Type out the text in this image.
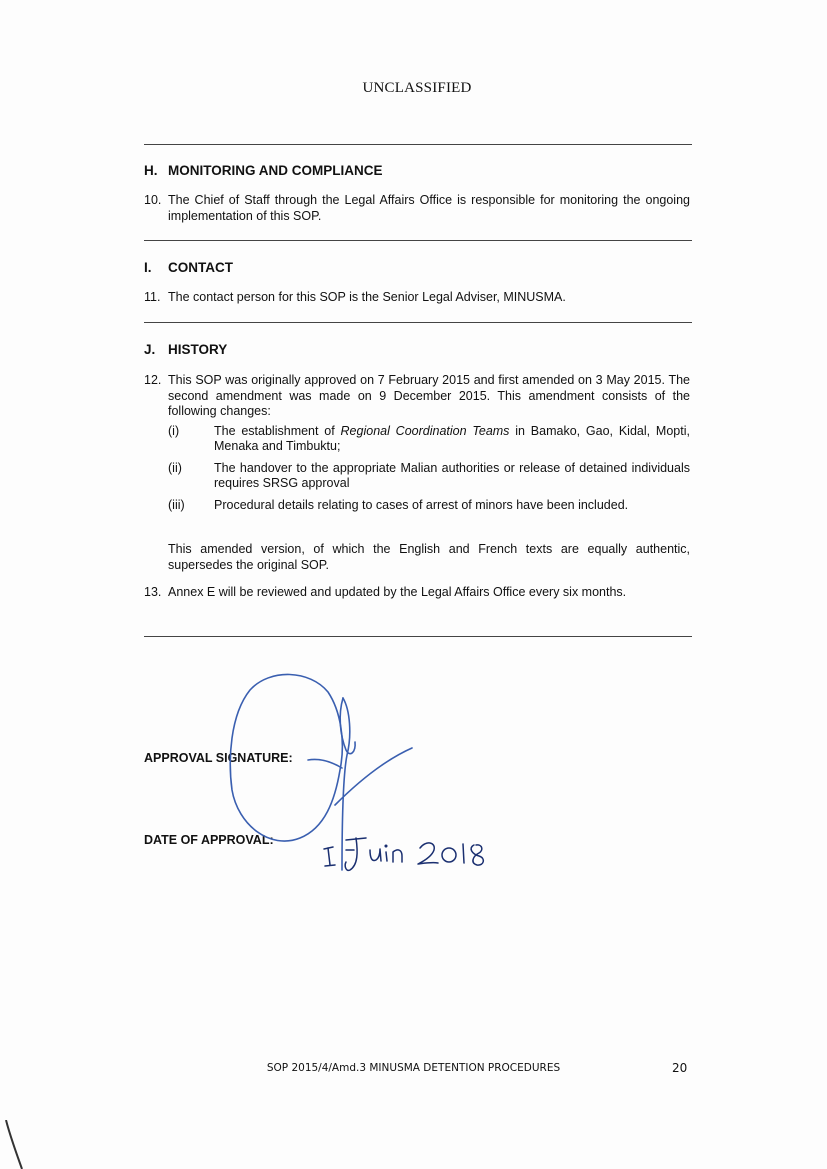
UNCLASSIFIED
H. MONITORING AND COMPLIANCE
10. The Chief of Staff through the Legal Affairs Office is responsible for monitoring the ongoing implementation of this SOP.
I.	CONTACT
11. The contact person for this SOP is the Senior Legal Adviser, MINUSMA.
J. HISTORY
12. This SOP was originally approved on 7 February 2015 and first amended on 3 May 2015. The second amendment was made on 9 December 2015. This amendment consists of the following changes:
(i)	The establishment of Regional Coordination Teams in Bamako, Gao, Kidal, Mopti, Menaka and Timbuktu;
(ii)	The handover to the appropriate Malian authorities or release of detained individuals requires SRSG approval
(iii)	Procedural details relating to cases of arrest of minors have been included.
This amended version, of which the English and French texts are equally authentic, supersedes the original SOP.
13. Annex E will be reviewed and updated by the Legal Affairs Office every six months.
APPROVAL SIGNATURE:
DATE OF APPROVAL:
SOP 2015/4/Amd.3 MINUSMA DETENTION PROCEDURES	20
